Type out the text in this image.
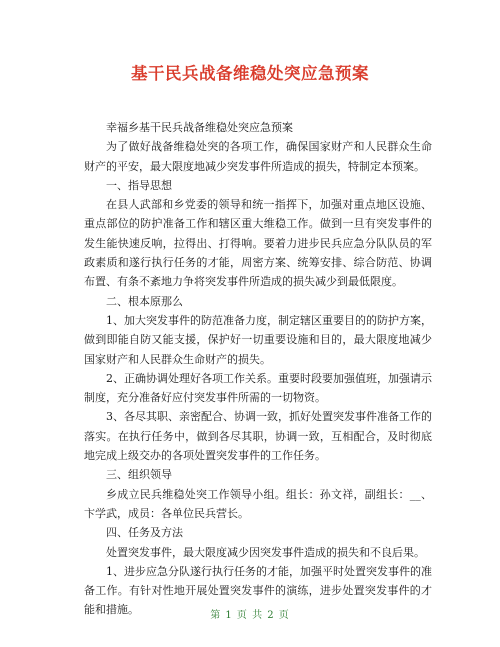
基干民兵战备维稳处突应急预案

幸福乡基干民兵战备维稳处突应急预案

为了做好战备维稳处突的各项工作，确保国家财产和人民群众生命财产的平安，最大限度地减少突发事件所造成的损失，特制定本预案。

一、指导思想

在县人武部和乡党委的领导和统一指挥下，加强对重点地区设施、重点部位的防护准备工作和辖区重大维稳工作。做到一旦有突发事件的发生能快速反响，拉得出、打得响。要着力进步民兵应急分队队员的军政素质和遂行执行任务的才能，周密方案、统筹安排、综合防范、协调布置、有条不紊地力争将突发事件所造成的损失减少到最低限度。

二、根本原那么

1、加大突发事件的防范准备力度，制定辖区重要目的的防护方案，做到即能自防又能支援，保护好一切重要设施和目的，最大限度地减少国家财产和人民群众生命财产的损失。

2、正确协调处理好各项工作关系。重要时段要加强值班，加强请示制度，充分准备好应付突发事件所需的一切物资。

3、各尽其职、亲密配合、协调一致，抓好处置突发事件准备工作的落实。在执行任务中，做到各尽其职，协调一致，互相配合，及时彻底地完成上级交办的各项处置突发事件的工作任务。

三、组织领导

乡成立民兵维稳处突工作领导小组。组长：孙文祥，副组长：__、卞学武，成员：各单位民兵营长。

四、任务及方法

处置突发事件，最大限度减少因突发事件造成的损失和不良后果。

1、进步应急分队遂行执行任务的才能，加强平时处置突发事件的准备工作。有针对性地开展处置突发事件的演练，进步处置突发事件的才能和措施。	第 1 页 共 2 页
